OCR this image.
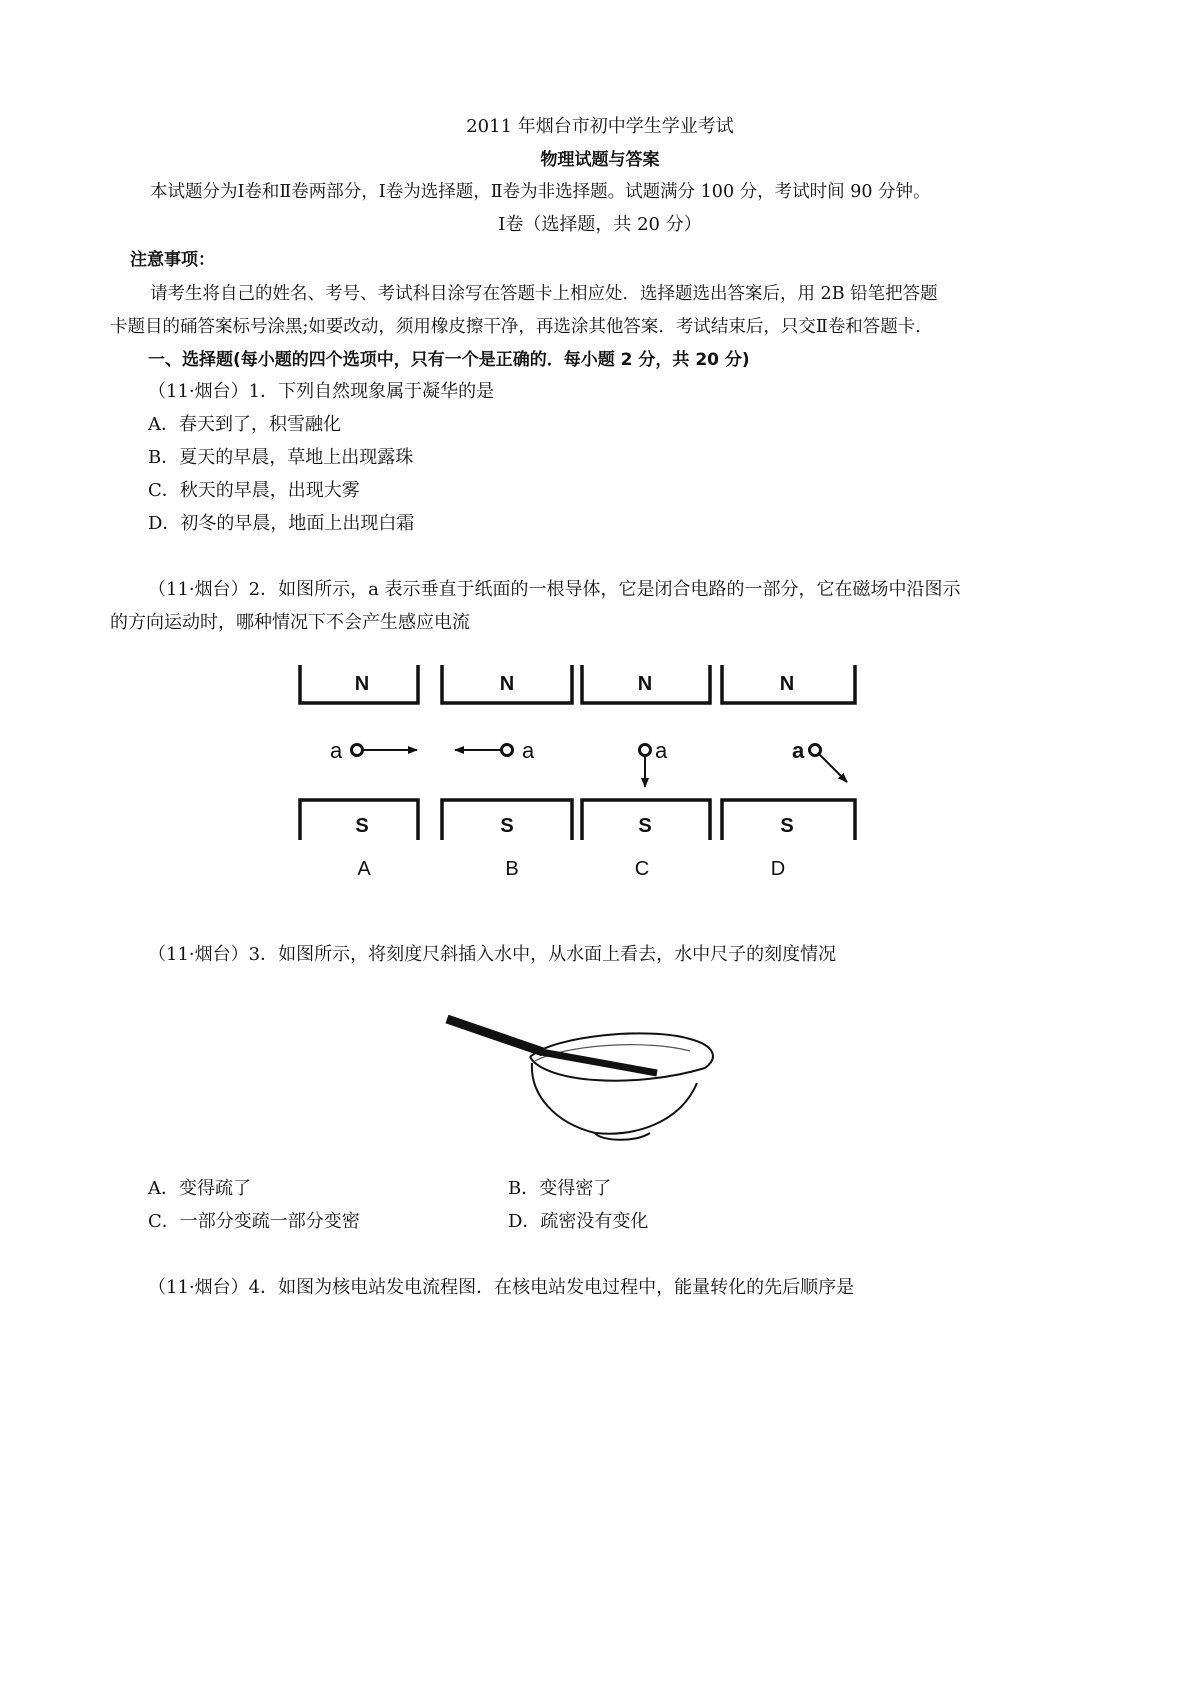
2011 年烟台市初中学生学业考试
物理试题与答案
本试题分为Ⅰ卷和Ⅱ卷两部分，Ⅰ卷为选择题，Ⅱ卷为非选择题。试题满分 100 分，考试时间 90 分钟。
Ⅰ卷（选择题，共 20 分）
注意事项：
请考生将自己的姓名、考号、考试科目涂写在答题卡上相应处．选择题选出答案后，用 2B 铅笔把答题
卡题目的硧答案标号涂黑;如要改动，须用橡皮擦干净，再选涂其他答案．考试结束后，只交Ⅱ卷和答题卡．
一、选择题(每小题的四个选项中，只有一个是正确的．每小题 2 分，共 20 分)
（11·烟台）1．下列自然现象属于凝华的是
A．春天到了，积雪融化
B．夏天的早晨，草地上出现露珠
C．秋天的早晨，出现大雾
D．初冬的早晨，地面上出现白霜
（11·烟台）2．如图所示，a 表示垂直于纸面的一根导体，它是闭合电路的一部分，它在磁场中沿图示
的方向运动时，哪种情况下不会产生感应电流
N	N	N	N
S	S	S	S
a	a	a	a
A	B	C	D
（11·烟台）3．如图所示，将刻度尺斜插入水中，从水面上看去，水中尺子的刻度情况
A．变得疏了	B．变得密了
C．一部分变疏一部分变密	D．疏密没有变化
（11·烟台）4．如图为核电站发电流程图．在核电站发电过程中，能量转化的先后顺序是
